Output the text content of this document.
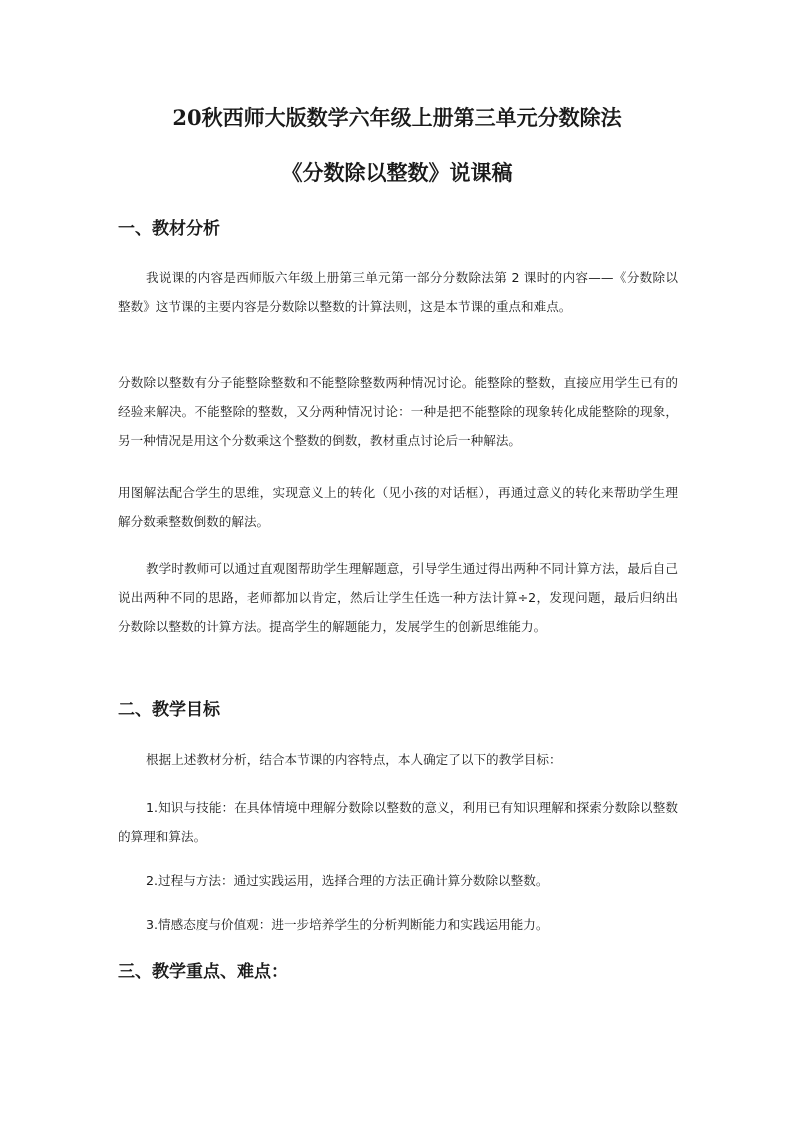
20秋西师大版数学六年级上册第三单元分数除法
《分数除以整数》说课稿
一、教材分析

我说课的内容是西师版六年级上册第三单元第一部分分数除法第 2 课时的内容——《分数除以整数》这节课的主要内容是分数除以整数的计算法则，这是本节课的重点和难点。

分数除以整数有分子能整除整数和不能整除整数两种情况讨论。能整除的整数，直接应用学生已有的经验来解决。不能整除的整数，又分两种情况讨论：一种是把不能整除的现象转化成能整除的现象，另一种情况是用这个分数乘这个整数的倒数，教材重点讨论后一种解法。

用图解法配合学生的思维，实现意义上的转化（见小孩的对话框），再通过意义的转化来帮助学生理解分数乘整数倒数的解法。

教学时教师可以通过直观图帮助学生理解题意，引导学生通过得出两种不同计算方法，最后自己说出两种不同的思路，老师都加以肯定，然后让学生任选一种方法计算÷2，发现问题，最后归纳出分数除以整数的计算方法。提高学生的解题能力，发展学生的创新思维能力。

二、教学目标

根据上述教材分析，结合本节课的内容特点，本人确定了以下的教学目标：

1.知识与技能：在具体情境中理解分数除以整数的意义，利用已有知识理解和探索分数除以整数的算理和算法。

2.过程与方法：通过实践运用，选择合理的方法正确计算分数除以整数。

3.情感态度与价值观：进一步培养学生的分析判断能力和实践运用能力。

三、教学重点、难点：
